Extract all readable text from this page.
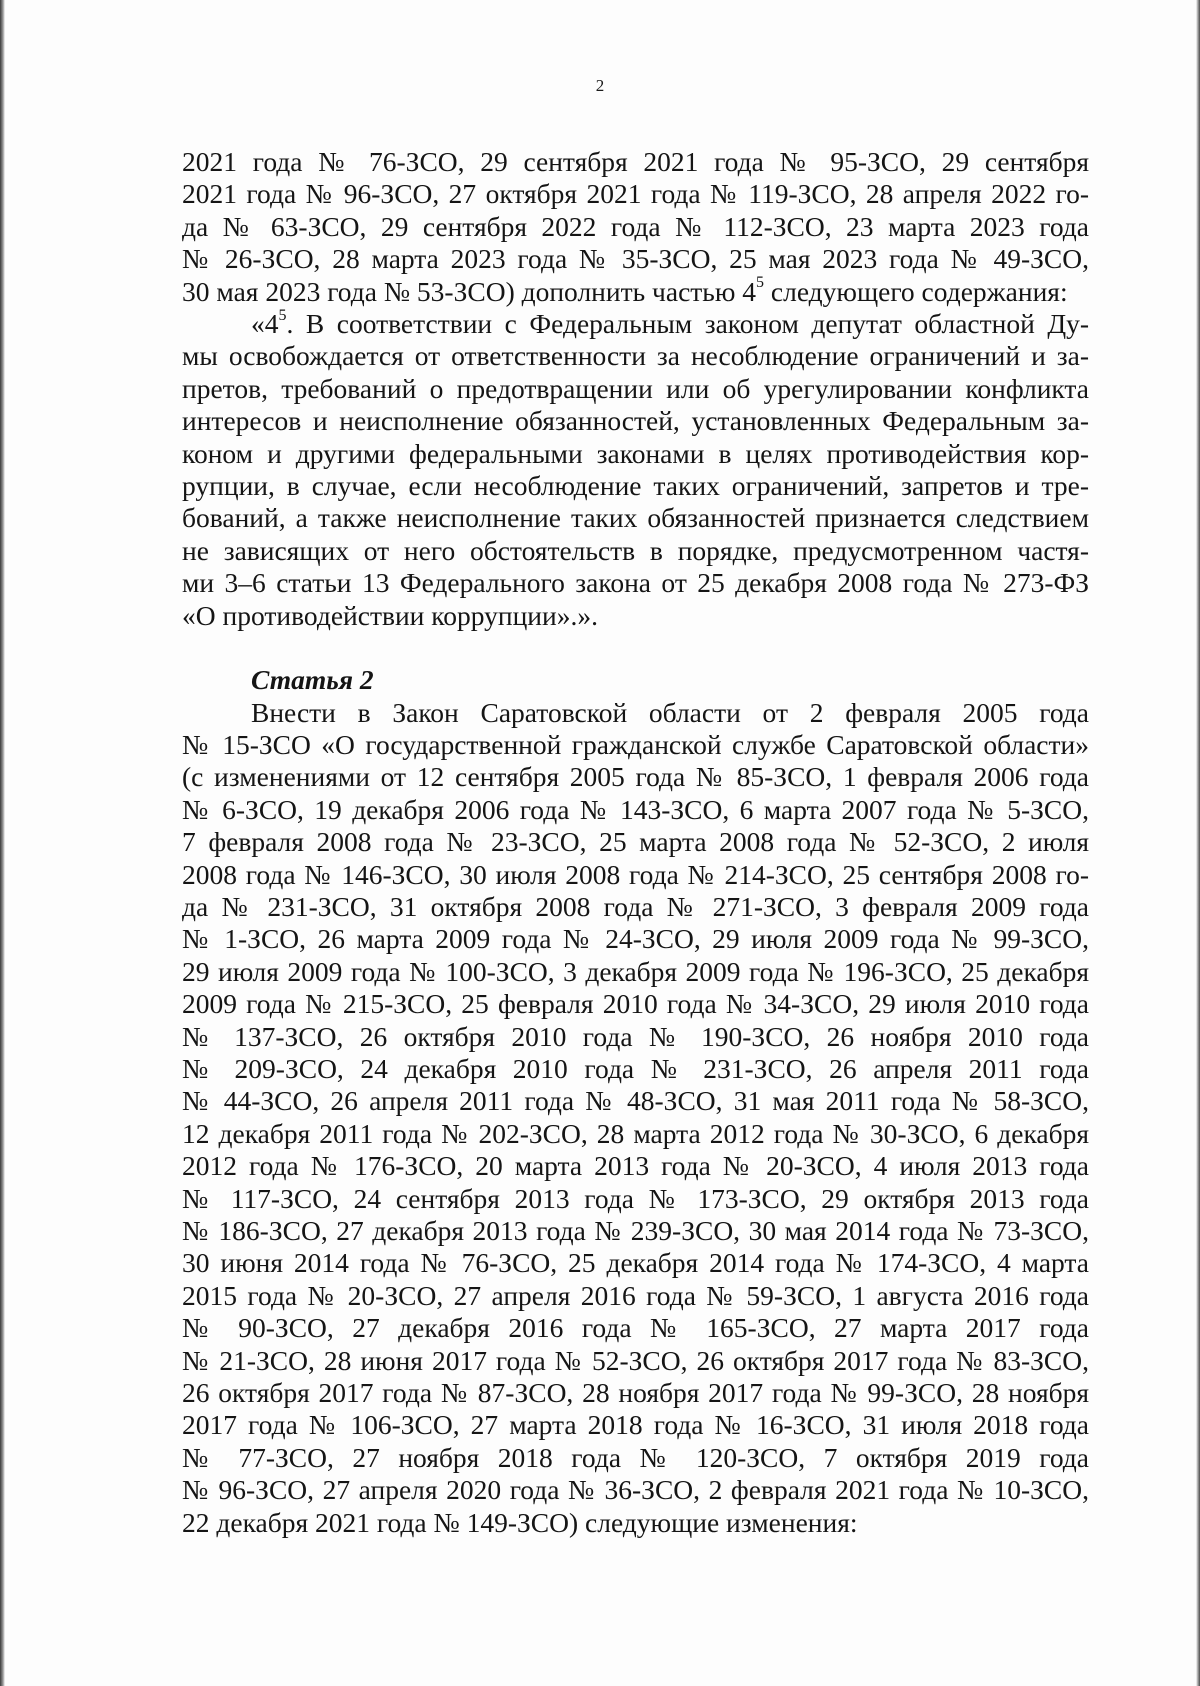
2
2021 года № 76-ЗСО, 29 сентября 2021 года № 95-ЗСО, 29 сентября
2021 года № 96-ЗСО, 27 октября 2021 года № 119-ЗСО, 28 апреля 2022 го-
да № 63-ЗСО, 29 сентября 2022 года № 112-ЗСО, 23 марта 2023 года
№ 26-ЗСО, 28 марта 2023 года № 35-ЗСО, 25 мая 2023 года № 49-ЗСО,
30 мая 2023 года № 53-ЗСО) дополнить частью $4^5$ следующего содержания:
«$4^5$. В соответствии с Федеральным законом депутат областной Ду-
мы освобождается от ответственности за несоблюдение ограничений и за-
претов, требований о предотвращении или об урегулировании конфликта
интересов и неисполнение обязанностей, установленных Федеральным за-
коном и другими федеральными законами в целях противодействия кор-
рупции, в случае, если несоблюдение таких ограничений, запретов и тре-
бований, а также неисполнение таких обязанностей признается следствием
не зависящих от него обстоятельств в порядке, предусмотренном частя-
ми 3–6 статьи 13 Федерального закона от 25 декабря 2008 года № 273-ФЗ
«О противодействии коррупции».».
Статья 2
Внести в Закон Саратовской области от 2 февраля 2005 года
№ 15-ЗСО «О государственной гражданской службе Саратовской области»
(с изменениями от 12 сентября 2005 года № 85-ЗСО, 1 февраля 2006 года
№ 6-ЗСО, 19 декабря 2006 года № 143-ЗСО, 6 марта 2007 года № 5-ЗСО,
7 февраля 2008 года № 23-ЗСО, 25 марта 2008 года № 52-ЗСО, 2 июля
2008 года № 146-ЗСО, 30 июля 2008 года № 214-ЗСО, 25 сентября 2008 го-
да № 231-ЗСО, 31 октября 2008 года № 271-ЗСО, 3 февраля 2009 года
№ 1-ЗСО, 26 марта 2009 года № 24-ЗСО, 29 июля 2009 года № 99-ЗСО,
29 июля 2009 года № 100-ЗСО, 3 декабря 2009 года № 196-ЗСО, 25 декабря
2009 года № 215-ЗСО, 25 февраля 2010 года № 34-ЗСО, 29 июля 2010 года
№ 137-ЗСО, 26 октября 2010 года № 190-ЗСО, 26 ноября 2010 года
№ 209-ЗСО, 24 декабря 2010 года № 231-ЗСО, 26 апреля 2011 года
№ 44-ЗСО, 26 апреля 2011 года № 48-ЗСО, 31 мая 2011 года № 58-ЗСО,
12 декабря 2011 года № 202-ЗСО, 28 марта 2012 года № 30-ЗСО, 6 декабря
2012 года № 176-ЗСО, 20 марта 2013 года № 20-ЗСО, 4 июля 2013 года
№ 117-ЗСО, 24 сентября 2013 года № 173-ЗСО, 29 октября 2013 года
№ 186-ЗСО, 27 декабря 2013 года № 239-ЗСО, 30 мая 2014 года № 73-ЗСО,
30 июня 2014 года № 76-ЗСО, 25 декабря 2014 года № 174-ЗСО, 4 марта
2015 года № 20-ЗСО, 27 апреля 2016 года № 59-ЗСО, 1 августа 2016 года
№ 90-ЗСО, 27 декабря 2016 года № 165-ЗСО, 27 марта 2017 года
№ 21-ЗСО, 28 июня 2017 года № 52-ЗСО, 26 октября 2017 года № 83-ЗСО,
26 октября 2017 года № 87-ЗСО, 28 ноября 2017 года № 99-ЗСО, 28 ноября
2017 года № 106-ЗСО, 27 марта 2018 года № 16-ЗСО, 31 июля 2018 года
№ 77-ЗСО, 27 ноября 2018 года № 120-ЗСО, 7 октября 2019 года
№ 96-ЗСО, 27 апреля 2020 года № 36-ЗСО, 2 февраля 2021 года № 10-ЗСО,
22 декабря 2021 года № 149-ЗСО) следующие изменения:
